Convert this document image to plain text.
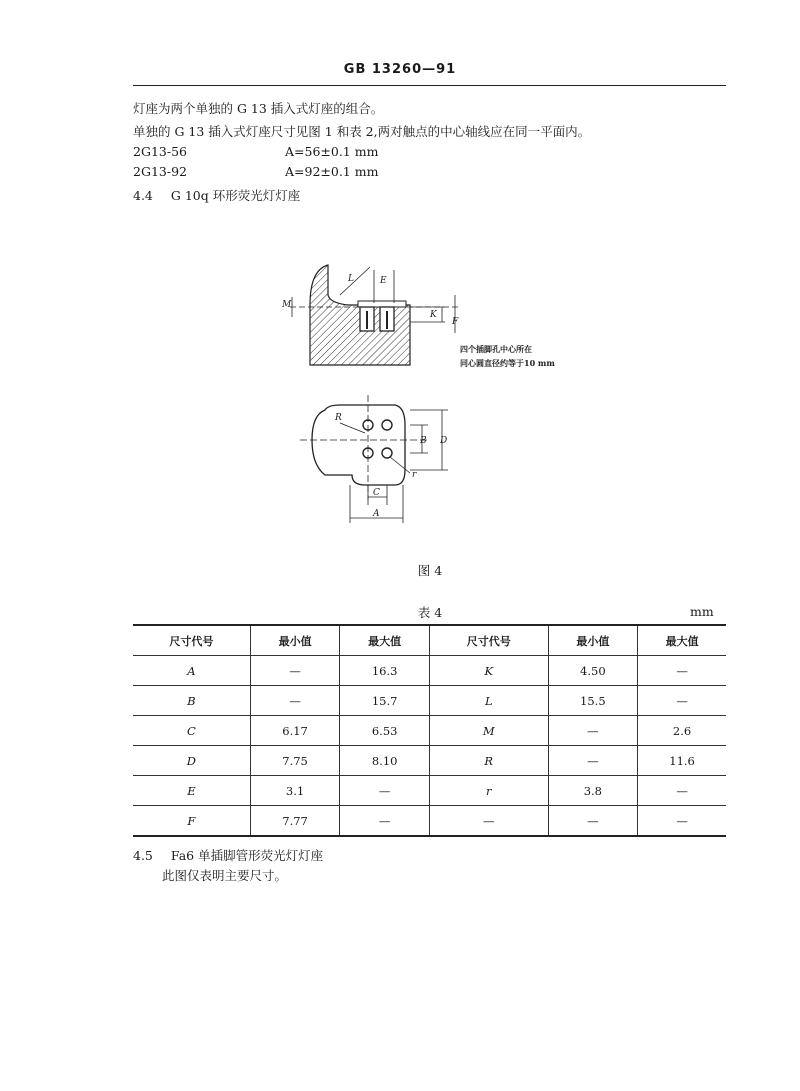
GB 13260—91
灯座为两个单独的 G 13 插入式灯座的组合。
单独的 G 13 插入式灯座尺寸见图 1 和表 2,两对触点的中心轴线应在同一平面内。
2G13-56	A=56±0.1 mm
2G13-92	A=92±0.1 mm
4.4 G 10q 环形荧光灯灯座
L	E
M
K
F
四个插脚孔中心所在
同心圆直径约等于10 mm
R
B D
r
C
A
图 4
表 4	mm
尺寸代号	最小值	最大值	尺寸代号	最小值	最大值
A	—	16.3	K	4.50	—
B	—	15.7	L	15.5	—
C	6.17	6.53	M	—	2.6
D	7.75	8.10	R	—	11.6
E	3.1	—	r	3.8	—
F	7.77	—	—	—	—
4.5 Fa6 单插脚管形荧光灯灯座
此图仅表明主要尺寸。
